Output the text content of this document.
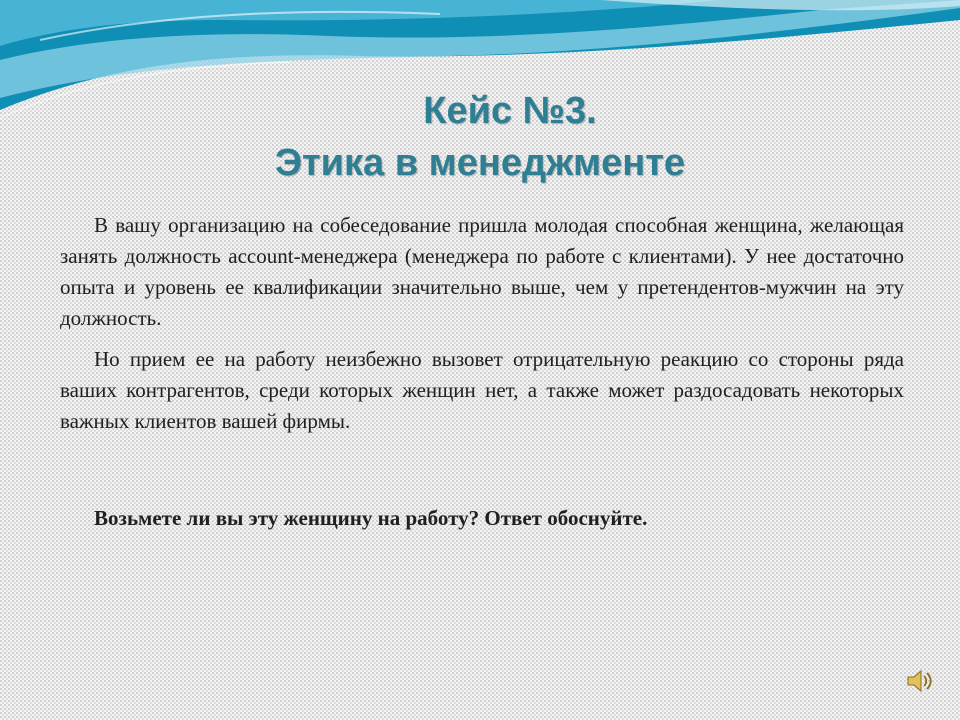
Кейс №3.
Этика в менеджменте

В вашу организацию на собеседование пришла молодая способная женщина, желающая занять должность account-менеджера (менеджера по работе с клиентами). У нее достаточно опыта и уровень ее квалификации значительно выше, чем у претендентов-мужчин на эту должность.

Но прием ее на работу неизбежно вызовет отрицательную реакцию со стороны ряда ваших контрагентов, среди которых женщин нет, а также может раздосадовать некоторых важных клиентов вашей фирмы.

Возьмете ли вы эту женщину на работу? Ответ обоснуйте.
